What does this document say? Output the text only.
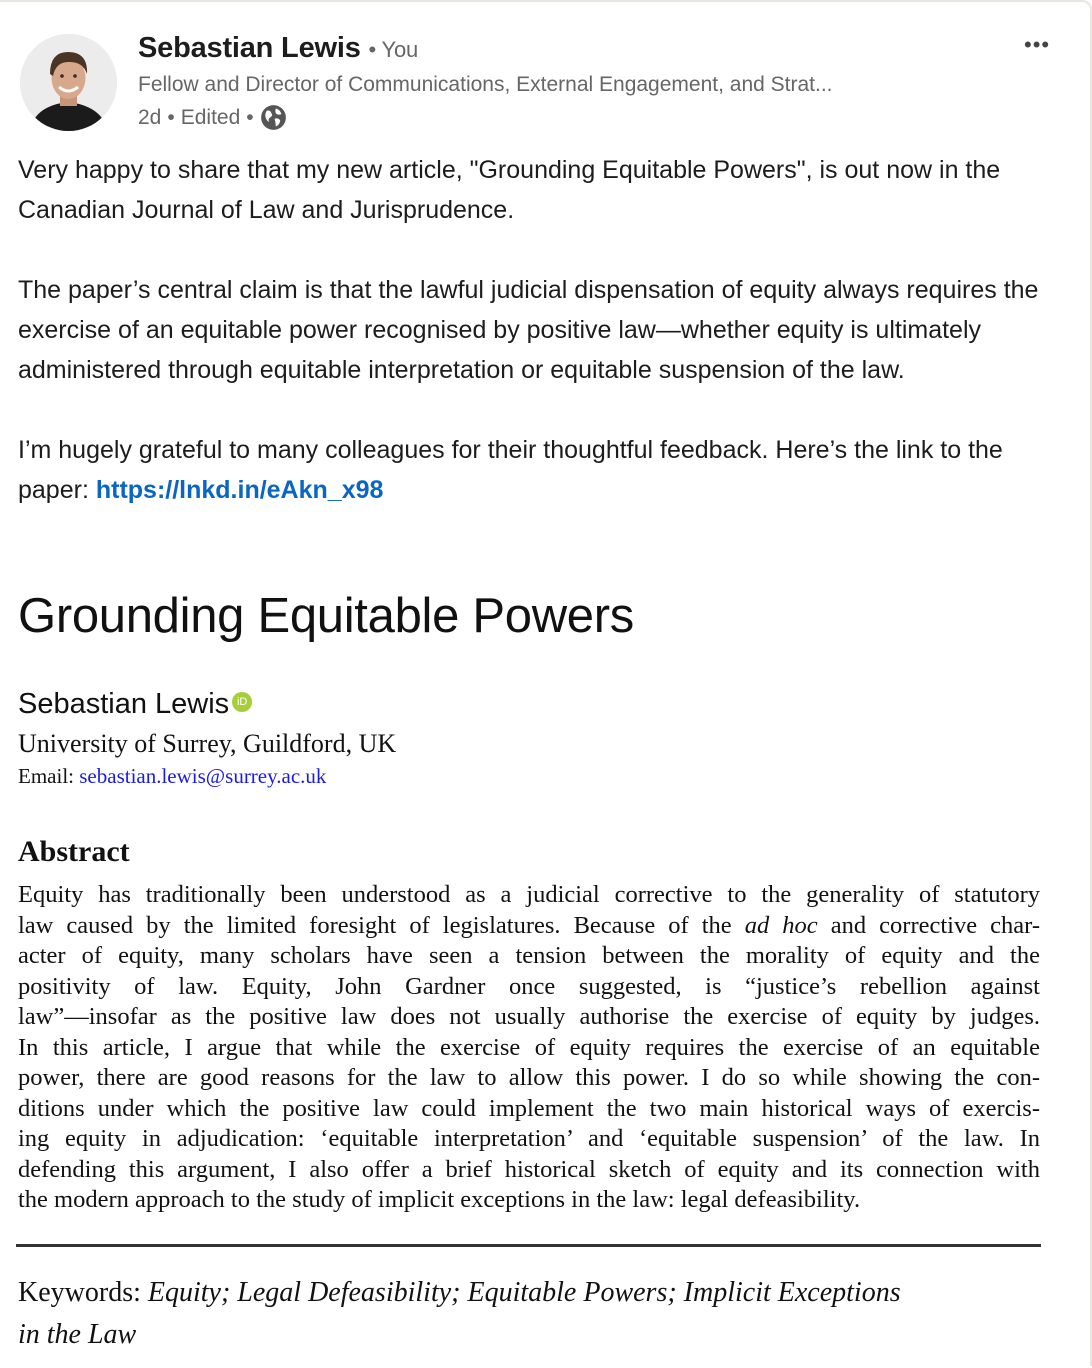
Sebastian Lewis • You
Fellow and Director of Communications, External Engagement, and Strat...
2d • Edited •
•••

Very happy to share that my new article, "Grounding Equitable Powers", is out now in the Canadian Journal of Law and Jurisprudence.

The paper’s central claim is that the lawful judicial dispensation of equity always requires the exercise of an equitable power recognised by positive law—whether equity is ultimately administered through equitable interpretation or equitable suspension of the law.

I’m hugely grateful to many colleagues for their thoughtful feedback. Here’s the link to the paper: https://lnkd.in/eAkn_x98

Grounding Equitable Powers
Sebastian Lewis iD
University of Surrey, Guildford, UK
Email: sebastian.lewis@surrey.ac.uk
Abstract
Equity has traditionally been understood as a judicial corrective to the generality of statutory
law caused by the limited foresight of legislatures. Because of the ad hoc and corrective char-
acter of equity, many scholars have seen a tension between the morality of equity and the
positivity of law. Equity, John Gardner once suggested, is “justice’s rebellion against
law”—insofar as the positive law does not usually authorise the exercise of equity by judges.
In this article, I argue that while the exercise of equity requires the exercise of an equitable
power, there are good reasons for the law to allow this power. I do so while showing the con-
ditions under which the positive law could implement the two main historical ways of exercis-
ing equity in adjudication: ‘equitable interpretation’ and ‘equitable suspension’ of the law. In
defending this argument, I also offer a brief historical sketch of equity and its connection with
the modern approach to the study of implicit exceptions in the law: legal defeasibility.
Keywords: Equity; Legal Defeasibility; Equitable Powers; Implicit Exceptions in the Law
